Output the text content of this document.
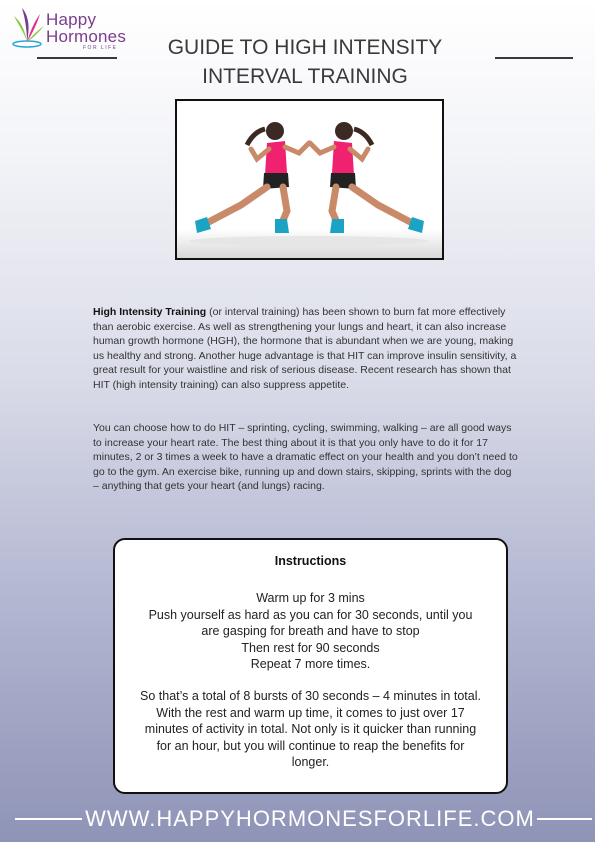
Happy
Hormones
FOR LIFE	GUIDE TO HIGH INTENSITY
INTERVAL TRAINING
High Intensity Training (or interval training) has been shown to burn fat more effectively than aerobic exercise. As well as strengthening your lungs and heart, it can also increase human growth hormone (HGH), the hormone that is abundant when we are young, making us healthy and strong. Another huge advantage is that HIT can improve insulin sensitivity, a great result for your waistline and risk of serious disease. Recent research has shown that HIT (high intensity training) can also suppress appetite.
You can choose how to do HIT – sprinting, cycling, swimming, walking – are all good ways to increase your heart rate. The best thing about it is that you only have to do it for 17 minutes, 2 or 3 times a week to have a dramatic effect on your health and you don’t need to go to the gym. An exercise bike, running up and down stairs, skipping, sprints with the dog – anything that gets your heart (and lungs) racing.
Instructions
Warm up for 3 mins
Push yourself as hard as you can for 30 seconds, until you
are gasping for breath and have to stop
Then rest for 90 seconds
Repeat 7 more times.
So that’s a total of 8 bursts of 30 seconds – 4 minutes in total. With the rest and warm up time, it comes to just over 17 minutes of activity in total. Not only is it quicker than running for an hour, but you will continue to reap the benefits for longer.
WWW.HAPPYHORMONESFORLIFE.COM
